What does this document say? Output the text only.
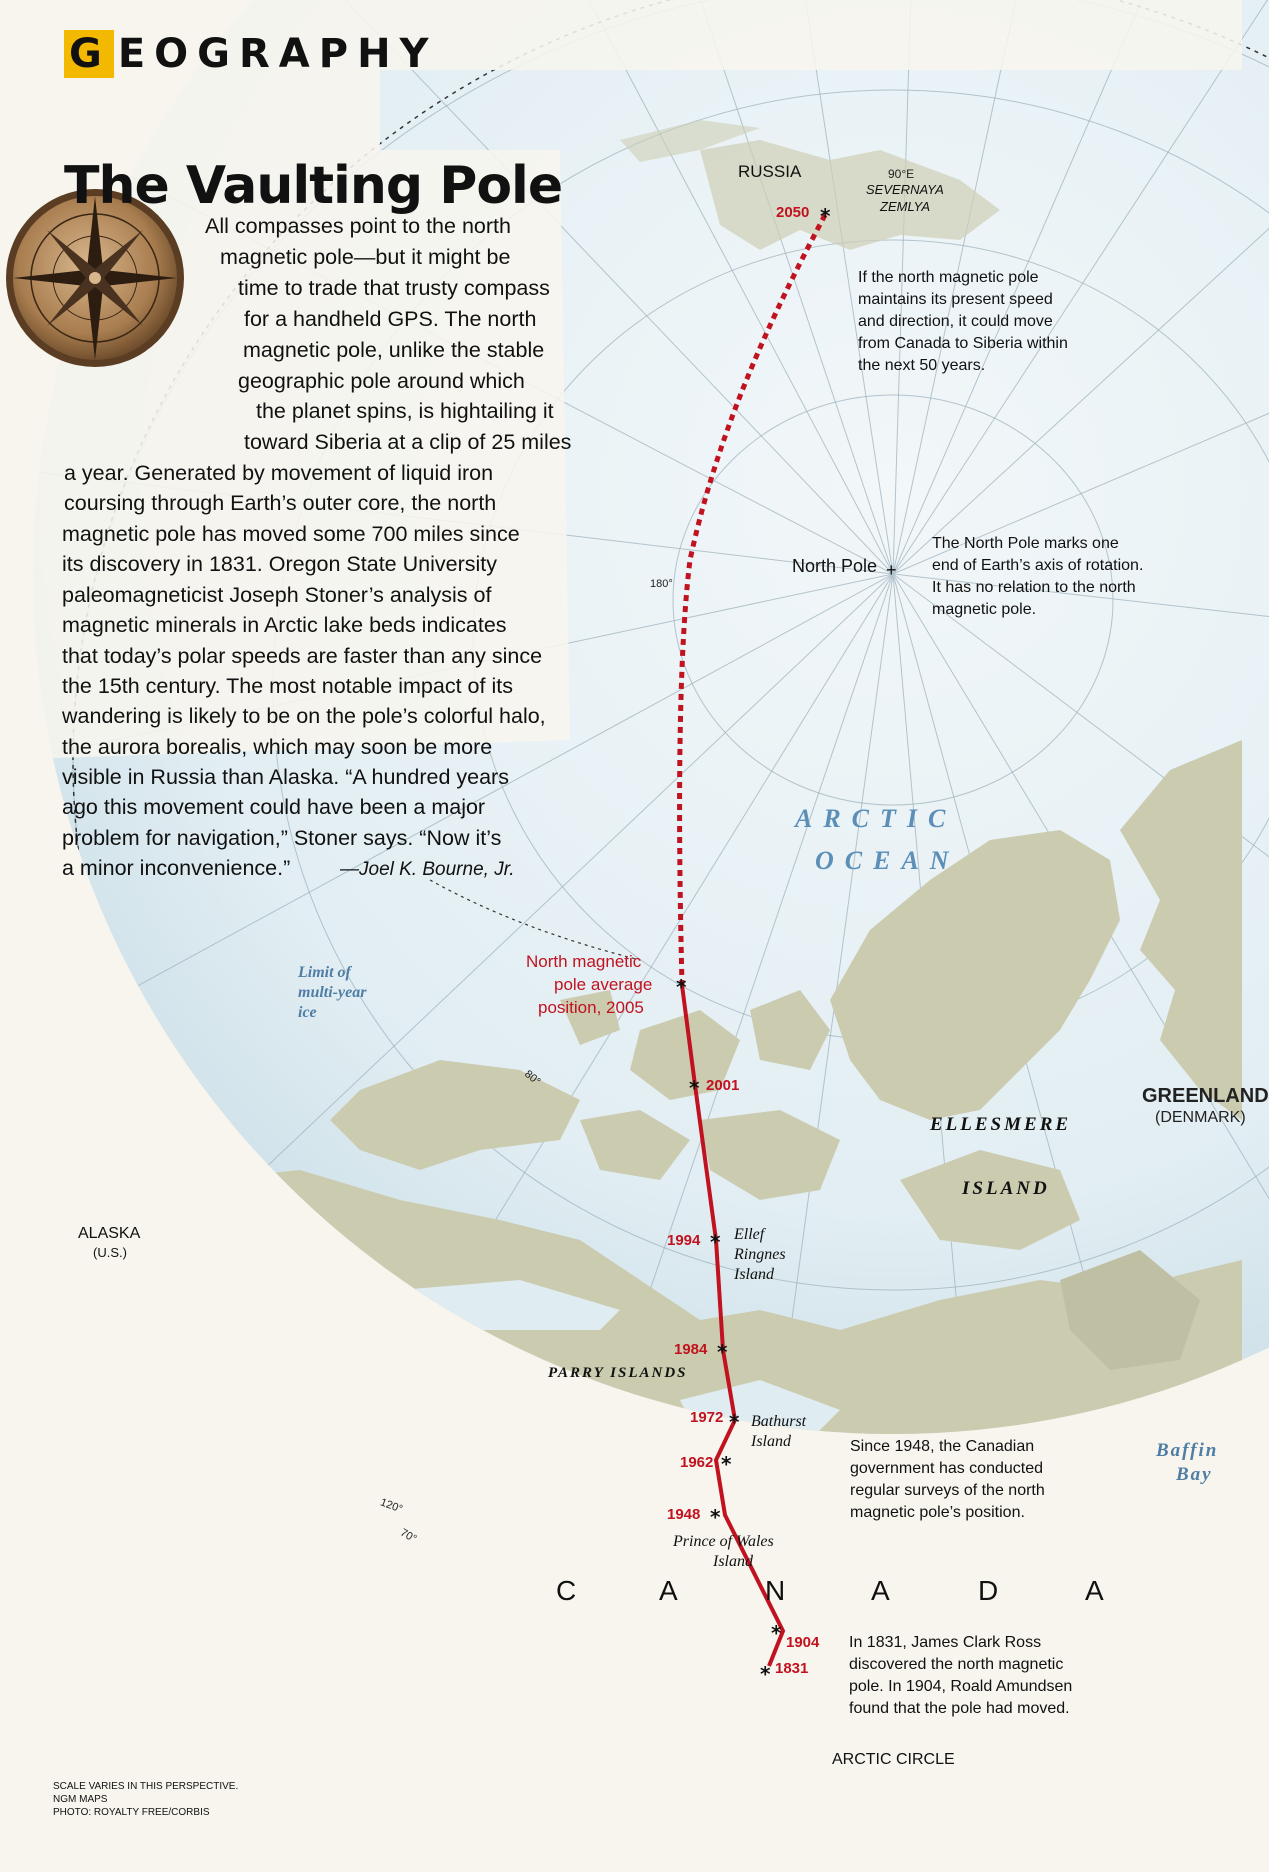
*
2050
*
* 2001
*
1994
*
1984
*
1972
*
1962
*
1948
* 1904
* 1831
G EOGRAPHY
The Vaulting Pole
All compasses point to the north
magnetic pole—but it might be
time to trade that trusty compass
for a handheld GPS. The north
magnetic pole, unlike the stable
geographic pole around which
the planet spins, is hightailing it
toward Siberia at a clip of 25 miles
a year. Generated by movement of liquid iron
coursing through Earth’s outer core, the north
magnetic pole has moved some 700 miles since
its discovery in 1831. Oregon State University
paleomagneticist Joseph Stoner’s analysis of
magnetic minerals in Arctic lake beds indicates
that today’s polar speeds are faster than any since
the 15th century. The most notable impact of its
wandering is likely to be on the pole’s colorful halo,
the aurora borealis, which may soon be more
visible in Russia than Alaska. “A hundred years
ago this movement could have been a major
problem for navigation,” Stoner says. “Now it’s
a minor inconvenience.”	—Joel K. Bourne, Jr.
RUSSIA	90°E
SEVERNAYA
ZEMLYA
North Pole +
ARCTIC
OCEAN
Limit of
multi-year
ice
ALASKA
(U.S.)
GREENLAND
(DENMARK)
ELLESMERE
ISLAND
PARRY ISLANDS
Ellef
Ringnes
Island
Bathurst
Island
Prince of Wales
Island
C	A	N	A	D	A
Baffin
Bay
ARCTIC CIRCLE
180°
80°
120°
70°
North magnetic
pole average
position, 2005
If the north magnetic pole
maintains its present speed
and direction, it could move
from Canada to Siberia within
the next 50 years.
The North Pole marks one
end of Earth’s axis of rotation.
It has no relation to the north
magnetic pole.
Since 1948, the Canadian
government has conducted
regular surveys of the north
magnetic pole’s position.
In 1831, James Clark Ross
discovered the north magnetic
pole. In 1904, Roald Amundsen
found that the pole had moved.
SCALE VARIES IN THIS PERSPECTIVE.
NGM MAPS
PHOTO: ROYALTY FREE/CORBIS
